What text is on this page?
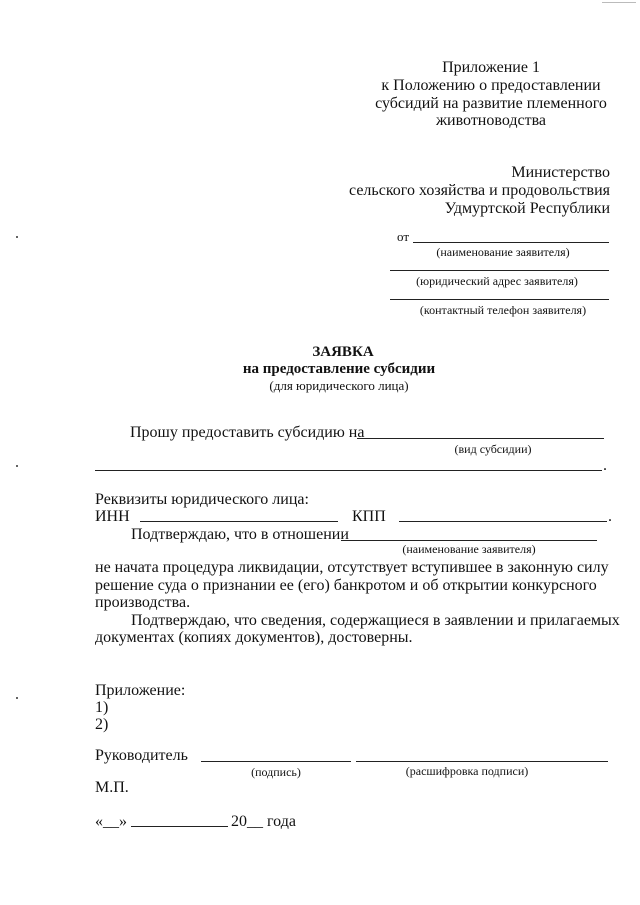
Приложение 1
к Положению о предоставлении
субсидий на развитие племенного
животноводства
Министерство
сельского хозяйства и продовольствия
Удмуртской Республики
от
(наименование заявителя)
(юридический адрес заявителя)
(контактный телефон заявителя)
ЗАЯВКА
на предоставление субсидии
(для юридического лица)
Прошу предоставить субсидию на
(вид субсидии)
.
Реквизиты юридического лица:
ИНН	КПП	.
Подтверждаю, что в отношении
(наименование заявителя)
не начата процедура ликвидации, отсутствует вступившее в законную силу
решение суда о признании ее (его) банкротом и об открытии конкурсного
производства.
Подтверждаю, что сведения, содержащиеся в заявлении и прилагаемых
документах (копиях документов), достоверны.
Приложение:
1)
2)
Руководитель
(подпись)	(расшифровка подписи)
М.П.
«__»	20__ года
